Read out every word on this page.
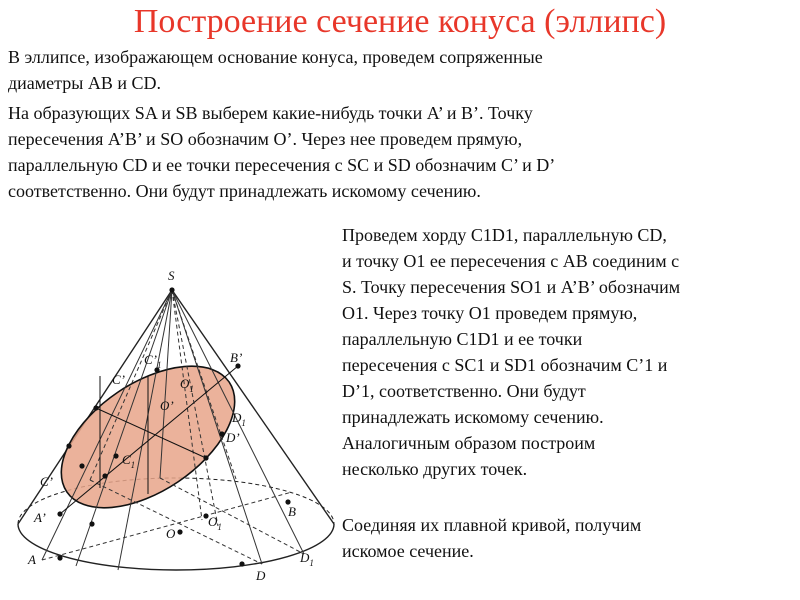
Построение сечение конуса (эллипс)

В эллипсе, изображающем основание конуса, проведем сопряженные
диаметры AB и CD.

На образующих SA и SB выберем какие-нибудь точки A’ и B’. Точку
пересечения A’B’ и SO обозначим O’. Через нее проведем прямую,
параллельную CD и ее точки пересечения с SC и SD обозначим C’ и D’
соответственно. Они будут принадлежать искомому сечению.

Проведем хорду C1D1, параллельную CD,
и точку O1 ее пересечения с AB соединим с
S. Точку пересечения SO1 и A’B’ обозначим
O1. Через точку O1 проведем прямую,
параллельную C1D1 и ее точки
пересечения с SC1 и SD1 обозначим C’1 и
D’1, соответственно. Они будут
принадлежать искомому сечению.
Аналогичным образом построим
несколько других точек.

Соединяя их плавной кривой, получим
искомое сечение.

S
A
B
D
O
A’
B’
C’
D’
O’
C’
$O_1$
$D_1$
$C’_1$
$C_1$
$O_1$
$D_1$
